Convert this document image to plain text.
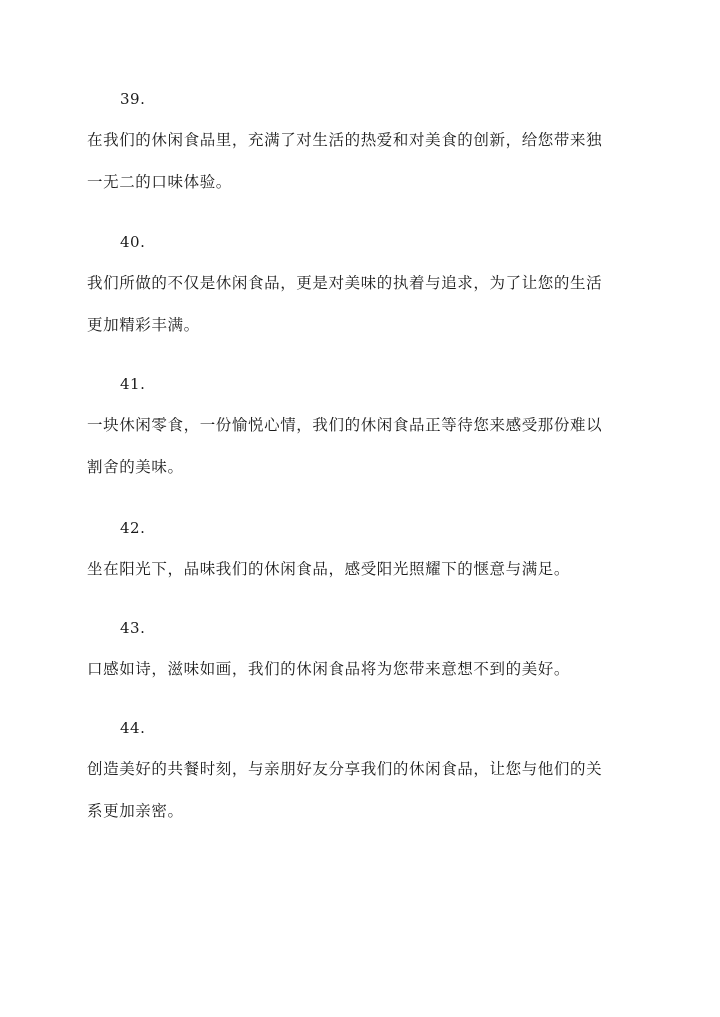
39.
在我们的休闲食品里，充满了对生活的热爱和对美食的创新，给您带来独
一无二的口味体验。
40.
我们所做的不仅是休闲食品，更是对美味的执着与追求，为了让您的生活
更加精彩丰满。
41.
一块休闲零食，一份愉悦心情，我们的休闲食品正等待您来感受那份难以
割舍的美味。
42.
坐在阳光下，品味我们的休闲食品，感受阳光照耀下的惬意与满足。
43.
口感如诗，滋味如画，我们的休闲食品将为您带来意想不到的美好。
44.
创造美好的共餐时刻，与亲朋好友分享我们的休闲食品，让您与他们的关
系更加亲密。
